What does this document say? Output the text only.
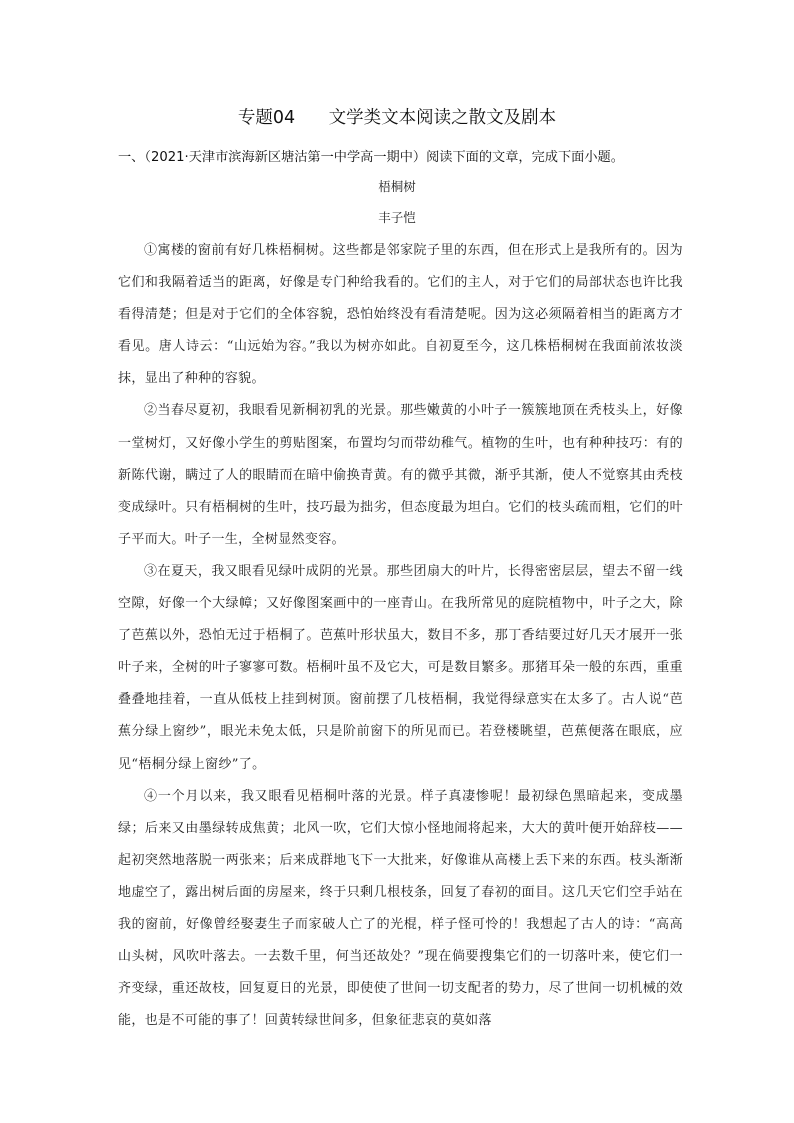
专题04      文学类文本阅读之散文及剧本
一、（2021·天津市滨海新区塘沽第一中学高一期中）阅读下面的文章，完成下面小题。
梧桐树
丰子恺

①寓楼的窗前有好几株梧桐树。这些都是邻家院子里的东西，但在形式上是我所有的。因为它们和我隔着适当的距离，好像是专门种给我看的。它们的主人，对于它们的局部状态也许比我看得清楚；但是对于它们的全体容貌，恐怕始终没有看清楚呢。因为这必须隔着相当的距离方才看见。唐人诗云：“山远始为容。”我以为树亦如此。自初夏至今，这几株梧桐树在我面前浓妆淡抹，显出了种种的容貌。

②当春尽夏初，我眼看见新桐初乳的光景。那些嫩黄的小叶子一簇簇地顶在秃枝头上，好像一堂树灯，又好像小学生的剪贴图案，布置均匀而带幼稚气。植物的生叶，也有种种技巧：有的新陈代谢，瞒过了人的眼睛而在暗中偷换青黄。有的微乎其微，渐乎其渐，使人不觉察其由秃枝变成绿叶。只有梧桐树的生叶，技巧最为拙劣，但态度最为坦白。它们的枝头疏而粗，它们的叶子平而大。叶子一生，全树显然变容。

③在夏天，我又眼看见绿叶成阴的光景。那些团扇大的叶片，长得密密层层，望去不留一线空隙，好像一个大绿幛；又好像图案画中的一座青山。在我所常见的庭院植物中，叶子之大，除了芭蕉以外，恐怕无过于梧桐了。芭蕉叶形状虽大，数目不多，那丁香结要过好几天才展开一张叶子来，全树的叶子寥寥可数。梧桐叶虽不及它大，可是数目繁多。那猪耳朵一般的东西，重重叠叠地挂着，一直从低枝上挂到树顶。窗前摆了几枝梧桐，我觉得绿意实在太多了。古人说“芭蕉分绿上窗纱”，眼光未免太低，只是阶前窗下的所见而已。若登楼眺望，芭蕉便落在眼底，应见“梧桐分绿上窗纱”了。

④一个月以来，我又眼看见梧桐叶落的光景。样子真凄惨呢！最初绿色黑暗起来，变成墨绿；后来又由墨绿转成焦黄；北风一吹，它们大惊小怪地闹将起来，大大的黄叶便开始辞枝——起初突然地落脱一两张来；后来成群地飞下一大批来，好像谁从高楼上丢下来的东西。枝头渐渐地虚空了，露出树后面的房屋来，终于只剩几根枝条，回复了春初的面目。这几天它们空手站在我的窗前，好像曾经娶妻生子而家破人亡了的光棍，样子怪可怜的！我想起了古人的诗：“高高山头树，风吹叶落去。一去数千里，何当还故处？”现在倘要搜集它们的一切落叶来，使它们一齐变绿，重还故枝，回复夏日的光景，即使使了世间一切支配者的势力，尽了世间一切机械的效能，也是不可能的事了！回黄转绿世间多，但象征悲哀的莫如落
